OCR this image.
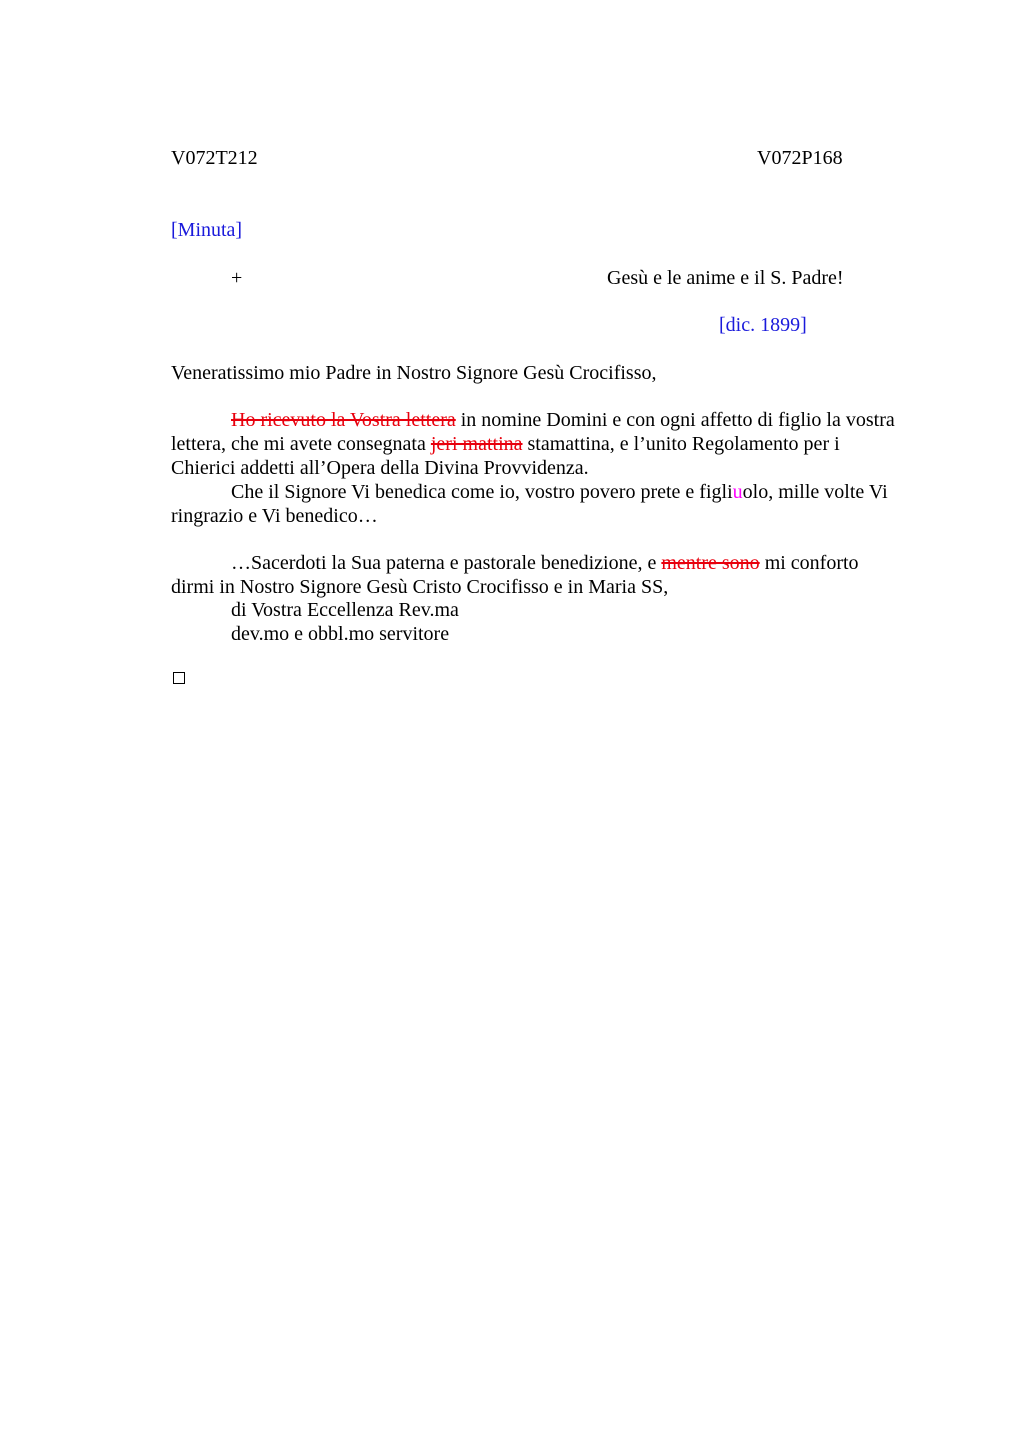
V072T212	V072P168
[Minuta]
+	Gesù e le anime e il S. Padre!
[dic. 1899]
Veneratissimo mio Padre in Nostro Signore Gesù Crocifisso,
Ho ricevuto la Vostra lettera in nomine Domini e con ogni affetto di figlio la vostra
lettera, che mi avete consegnata jeri mattina stamattina, e l’unito Regolamento per i
Chierici addetti all’Opera della Divina Provvidenza.
Che il Signore Vi benedica come io, vostro povero prete e figliuolo, mille volte Vi
ringrazio e Vi benedico…
…Sacerdoti la Sua paterna e pastorale benedizione, e mentre sono mi conforto
dirmi in Nostro Signore Gesù Cristo Crocifisso e in Maria SS,
di Vostra Eccellenza Rev.ma
dev.mo e obbl.mo servitore
